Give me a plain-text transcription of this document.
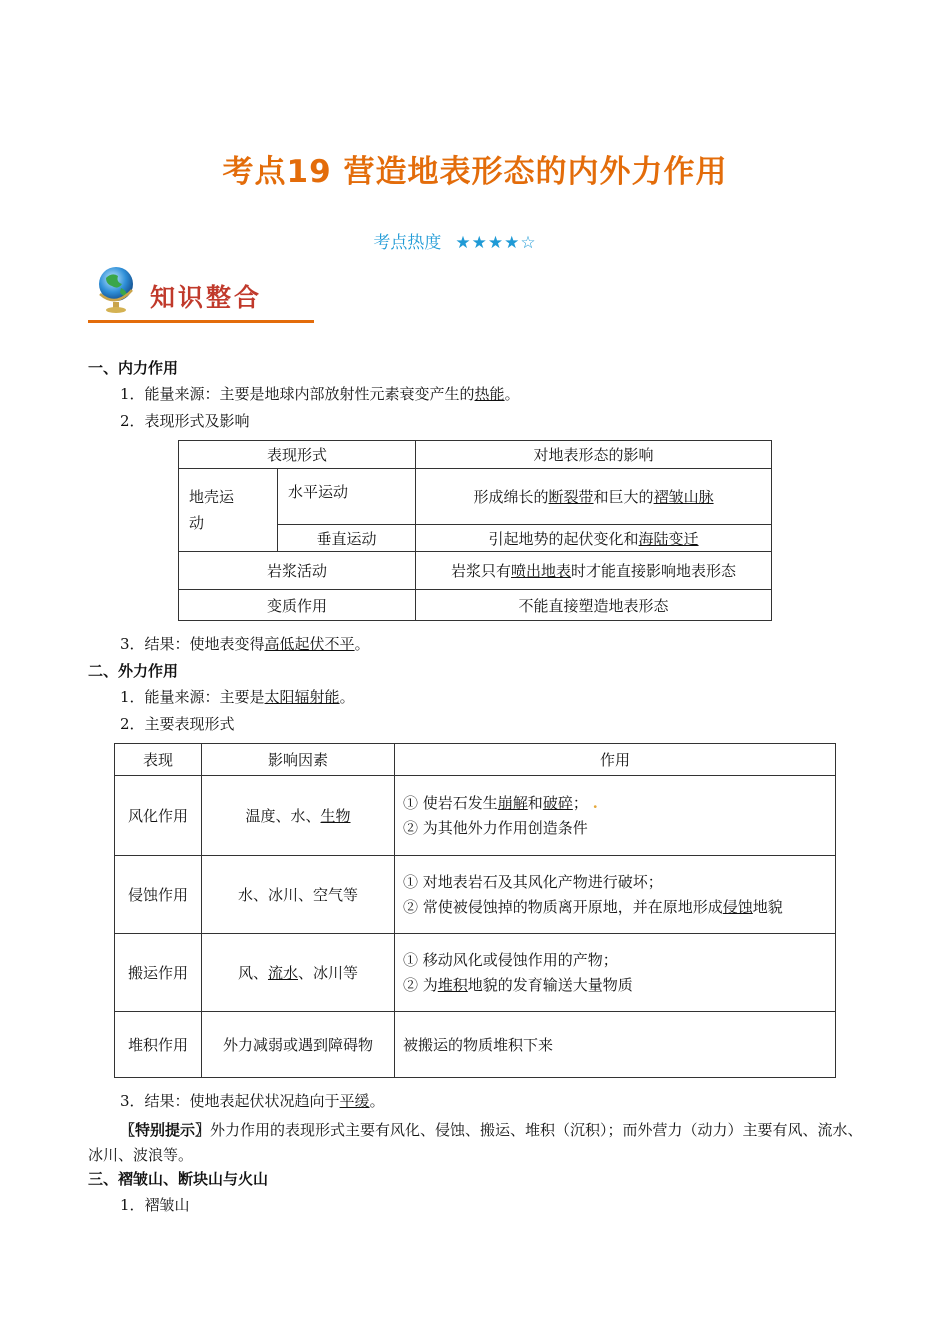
考点19 营造地表形态的内外力作用
考点热度 ★★★★☆
知识整合
一、内力作用
1．能量来源：主要是地球内部放射性元素衰变产生的热能。
2．表现形式及影响
表现形式		对地表形态的影响

地壳运动	水平运动	形成绵长的断裂带和巨大的褶皱山脉
	垂直运动	引起地势的起伏变化和海陆变迁
岩浆活动		岩浆只有喷出地表时才能直接影响地表形态
变质作用		不能直接塑造地表形态
3．结果：使地表变得高低起伏不平。
二、外力作用
1．能量来源：主要是太阳辐射能。
2．主要表现形式
表现	影响因素	作用
风化作用	温度、水、生物	① 使岩石发生崩解和破碎； .
② 为其他外力作用创造条件

侵蚀作用	水、冰川、空气等	① 对地表岩石及其风化产物进行破坏；
② 常使被侵蚀掉的物质离开原地，并在原地形成侵蚀地貌

搬运作用	风、流水、冰川等	① 移动风化或侵蚀作用的产物；
② 为堆积地貌的发育输送大量物质

堆积作用	外力减弱或遇到障碍物	被搬运的物质堆积下来
3．结果：使地表起伏状况趋向于平缓。
〖特别提示〗外力作用的表现形式主要有风化、侵蚀、搬运、堆积（沉积）；而外营力（动力）主要有风、流水、冰川、波浪等。
三、褶皱山、断块山与火山
1．褶皱山
